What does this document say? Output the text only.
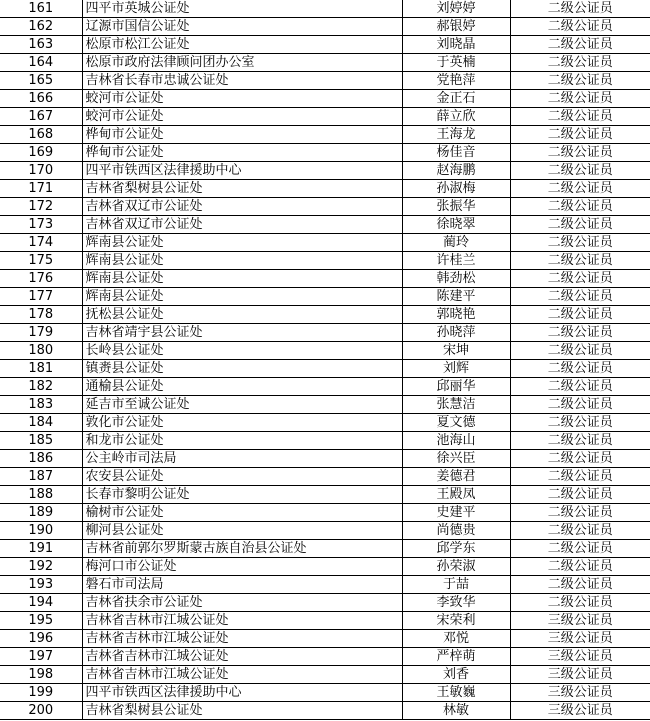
161	四平市英城公证处	刘婷婷	二级公证员
162	辽源市国信公证处	郝银婷	二级公证员
163	松原市松江公证处	刘晓晶	二级公证员
164	松原市政府法律顾问团办公室	于英楠	二级公证员
165	吉林省长春市忠诚公证处	党艳萍	二级公证员
166	蛟河市公证处	金正石	二级公证员
167	蛟河市公证处	薛立欣	二级公证员
168	桦甸市公证处	王海龙	二级公证员
169	桦甸市公证处	杨佳音	二级公证员
170	四平市铁西区法律援助中心	赵海鹏	二级公证员
171	吉林省梨树县公证处	孙淑梅	二级公证员
172	吉林省双辽市公证处	张振华	二级公证员
173	吉林省双辽市公证处	徐晓翠	二级公证员
174	辉南县公证处	蔺玲	二级公证员
175	辉南县公证处	许桂兰	二级公证员
176	辉南县公证处	韩劲松	二级公证员
177	辉南县公证处	陈建平	二级公证员
178	抚松县公证处	郭晓艳	二级公证员
179	吉林省靖宇县公证处	孙晓萍	二级公证员
180	长岭县公证处	宋坤	二级公证员
181	镇赉县公证处	刘辉	二级公证员
182	通榆县公证处	邱丽华	二级公证员
183	延吉市至诚公证处	张慧洁	二级公证员
184	敦化市公证处	夏文德	二级公证员
185	和龙市公证处	池海山	二级公证员
186	公主岭市司法局	徐兴臣	二级公证员
187	农安县公证处	姜德君	二级公证员
188	长春市黎明公证处	王殿凤	二级公证员
189	榆树市公证处	史建平	二级公证员
190	柳河县公证处	尚德贵	二级公证员
191	吉林省前郭尔罗斯蒙古族自治县公证处	邱学东	二级公证员
192	梅河口市公证处	孙荣淑	二级公证员
193	磐石市司法局	于喆	二级公证员
194	吉林省扶余市公证处	李致华	二级公证员
195	吉林省吉林市江城公证处	宋荣利	三级公证员
196	吉林省吉林市江城公证处	邓悦	三级公证员
197	吉林省吉林市江城公证处	严梓萌	三级公证员
198	吉林省吉林市江城公证处	刘香	三级公证员
199	四平市铁西区法律援助中心	王敏巍	三级公证员
200	吉林省梨树县公证处	林敏	三级公证员
